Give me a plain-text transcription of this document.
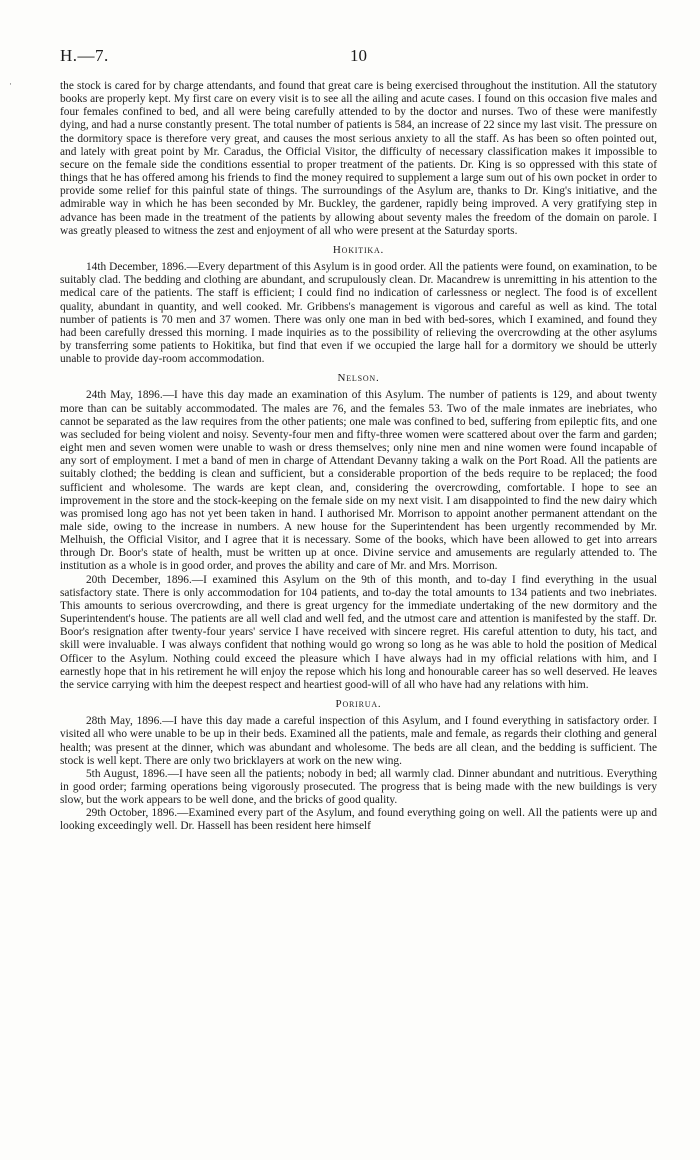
·
10
H.—7.

the stock is cared for by charge attendants, and found that great care is being exercised throughout the institution. All the statutory books are properly kept. My first care on every visit is to see all the ailing and acute cases. I found on this occasion five males and four females confined to bed, and all were being carefully attended to by the doctor and nurses. Two of these were manifestly dying, and had a nurse constantly present. The total number of patients is 584, an increase of 22 since my last visit. The pressure on the dormitory space is therefore very great, and causes the most serious anxiety to all the staff. As has been so often pointed out, and lately with great point by Mr. Caradus, the Official Visitor, the difficulty of necessary classification makes it impossible to secure on the female side the conditions essential to proper treatment of the patients. Dr. King is so oppressed with this state of things that he has offered among his friends to find the money required to supplement a large sum out of his own pocket in order to provide some relief for this painful state of things. The surroundings of the Asylum are, thanks to Dr. King's initiative, and the admirable way in which he has been seconded by Mr. Buckley, the gardener, rapidly being improved. A very gratifying step in advance has been made in the treatment of the patients by allowing about seventy males the freedom of the domain on parole. I was greatly pleased to witness the zest and enjoyment of all who were present at the Saturday sports.

Hokitika.

14th December, 1896.—Every department of this Asylum is in good order. All the patients were found, on examination, to be suitably clad. The bedding and clothing are abundant, and scrupulously clean. Dr. Macandrew is unremitting in his attention to the medical care of the patients. The staff is efficient; I could find no indication of carlessness or neglect. The food is of excellent quality, abundant in quantity, and well cooked. Mr. Gribbens's management is vigorous and careful as well as kind. The total number of patients is 70 men and 37 women. There was only one man in bed with bed-sores, which I examined, and found they had been carefully dressed this morning. I made inquiries as to the possibility of relieving the overcrowding at the other asylums by transferring some patients to Hokitika, but find that even if we occupied the large hall for a dormitory we should be utterly unable to provide day-room accommodation.

Nelson.

24th May, 1896.—I have this day made an examination of this Asylum. The number of patients is 129, and about twenty more than can be suitably accommodated. The males are 76, and the females 53. Two of the male inmates are inebriates, who cannot be separated as the law requires from the other patients; one male was confined to bed, suffering from epileptic fits, and one was secluded for being violent and noisy. Seventy-four men and fifty-three women were scattered about over the farm and garden; eight men and seven women were unable to wash or dress themselves; only nine men and nine women were found incapable of any sort of employment. I met a band of men in charge of Attendant Devanny taking a walk on the Port Road. All the patients are suitably clothed; the bedding is clean and sufficient, but a considerable proportion of the beds require to be replaced; the food sufficient and wholesome. The wards are kept clean, and, considering the overcrowding, comfortable. I hope to see an improvement in the store and the stock-keeping on the female side on my next visit. I am disappointed to find the new dairy which was promised long ago has not yet been taken in hand. I authorised Mr. Morrison to appoint another permanent attendant on the male side, owing to the increase in numbers. A new house for the Superintendent has been urgently recommended by Mr. Melhuish, the Official Visitor, and I agree that it is necessary. Some of the books, which have been allowed to get into arrears through Dr. Boor's state of health, must be written up at once. Divine service and amusements are regularly attended to. The institution as a whole is in good order, and proves the ability and care of Mr. and Mrs. Morrison.

20th December, 1896.—I examined this Asylum on the 9th of this month, and to-day I find everything in the usual satisfactory state. There is only accommodation for 104 patients, and to-day the total amounts to 134 patients and two inebriates. This amounts to serious overcrowding, and there is great urgency for the immediate undertaking of the new dormitory and the Superintendent's house. The patients are all well clad and well fed, and the utmost care and attention is manifested by the staff. Dr. Boor's resignation after twenty-four years' service I have received with sincere regret. His careful attention to duty, his tact, and skill were invaluable. I was always confident that nothing would go wrong so long as he was able to hold the position of Medical Officer to the Asylum. Nothing could exceed the pleasure which I have always had in my official relations with him, and I earnestly hope that in his retirement he will enjoy the repose which his long and honourable career has so well deserved. He leaves the service carrying with him the deepest respect and heartiest good-will of all who have had any relations with him.

Porirua.

28th May, 1896.—I have this day made a careful inspection of this Asylum, and I found everything in satisfactory order. I visited all who were unable to be up in their beds. Examined all the patients, male and female, as regards their clothing and general health; was present at the dinner, which was abundant and wholesome. The beds are all clean, and the bedding is sufficient. The stock is well kept. There are only two bricklayers at work on the new wing.

5th August, 1896.—I have seen all the patients; nobody in bed; all warmly clad. Dinner abundant and nutritious. Everything in good order; farming operations being vigorously prosecuted. The progress that is being made with the new buildings is very slow, but the work appears to be well done, and the bricks of good quality.

29th October, 1896.—Examined every part of the Asylum, and found everything going on well. All the patients were up and looking exceedingly well. Dr. Hassell has been resident here himself
